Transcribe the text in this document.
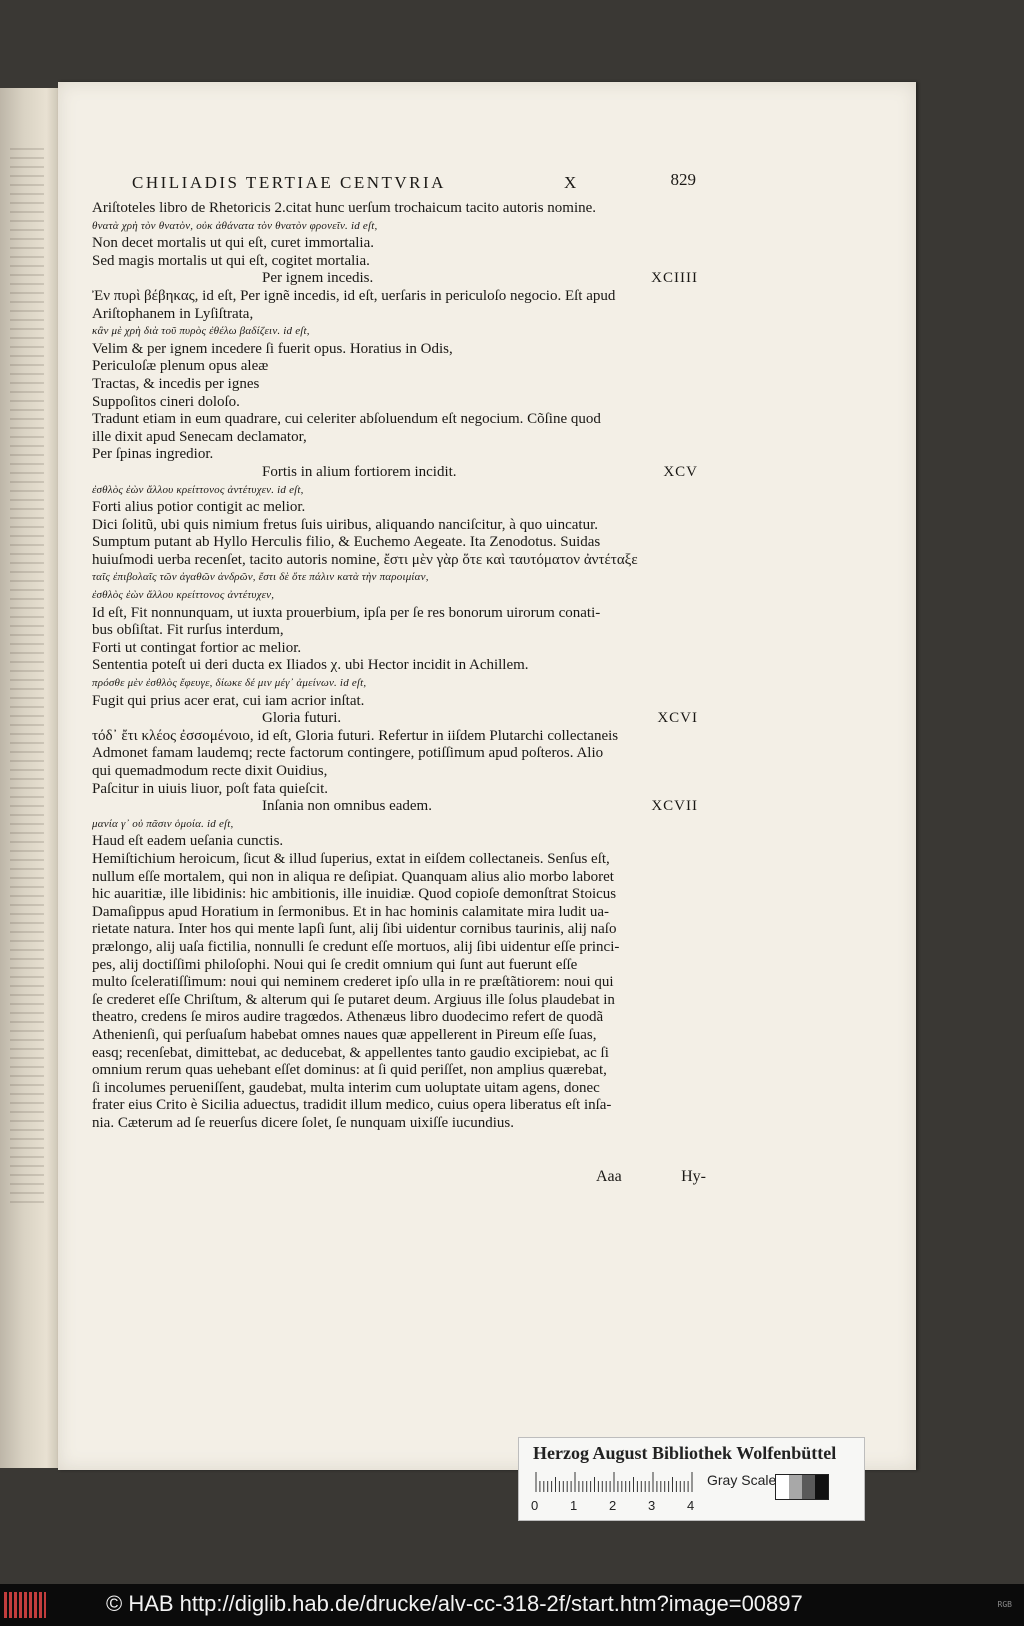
CHILIADIS TERTIAE CENTVRIA	X	829
Ariſtoteles libro de Rhetoricis 2.citat hunc uerſum trochaicum tacito autoris nomine.
θνατὰ χρὴ τὸν θνατὸν, οὐκ ἀθάνατα τὸν θνατὸν φρονεῖν. id eſt,
Non decet mortalis ut qui eſt, curet immortalia.
Sed magis mortalis ut qui eſt, cogitet mortalia.
Per ignem incedis.	XCIIII
Ἐν πυρὶ βέβηκας, id eſt, Per ignẽ incedis, id eſt, uerſaris in periculoſo negocio. Eſt apud
Ariſtophanem in Lyſiſtrata,
κἂν μὲ χρὴ διὰ τοῦ πυρὸς ἐθέλω βαδίζειν. id eſt,
Velim & per ignem incedere ſi fuerit opus. Horatius in Odis,
Periculoſæ plenum opus aleæ
Tractas, & incedis per ignes
Suppoſitos cineri doloſo.
Tradunt etiam in eum quadrare, cui celeriter abſoluendum eſt negocium. Cõſine quod
ille dixit apud Senecam declamator,
Per ſpinas ingredior.
Fortis in alium fortiorem incidit.	XCV
ἐσθλὸς ἐὼν ἄλλου κρείττονος ἀντέτυχεν. id eſt,
Forti alius potior contigit ac melior.
Dici ſolitũ, ubi quis nimium fretus ſuis uiribus, aliquando nanciſcitur, à quo uincatur.
Sumptum putant ab Hyllo Herculis filio, & Euchemo Aegeate. Ita Zenodotus. Suidas
huiuſmodi uerba recenſet, tacito autoris nomine, ἔστι μὲν γὰρ ὅτε καὶ ταυτόματον ἀντέταξε
ταῖς ἐπιβολαῖς τῶν ἀγαθῶν ἀνδρῶν, ἔστι δὲ ὅτε πάλιν κατὰ τὴν παροιμίαν,
ἐσθλὸς ἐὼν ἄλλου κρείττονος ἀντέτυχεν,
Id eſt, Fit nonnunquam, ut iuxta prouerbium, ipſa per ſe res bonorum uirorum conati-
bus obſiſtat. Fit rurſus interdum,
Forti ut contingat fortior ac melior.
Sententia poteſt ui deri ducta ex Iliados χ. ubi Hector incidit in Achillem.
πρόσθε μὲν ἐσθλὸς ἔφευγε, δίωκε δέ μιν μέγ᾽ ἀμείνων. id eſt,
Fugit qui prius acer erat, cui iam acrior inſtat.
Gloria futuri.	XCVI
τόδ᾽ ἔτι κλέος ἐσσομένοιο, id eſt, Gloria futuri. Refertur in iiſdem Plutarchi collectaneis
Admonet famam laudemq; recte factorum contingere, potiſſimum apud poſteros. Alio
qui quemadmodum recte dixit Ouidius,
Paſcitur in uiuis liuor, poſt fata quieſcit.
Inſania non omnibus eadem.	XCVII
μανία γ᾽ οὐ πᾶσιν ὁμοία. id eſt,
Haud eſt eadem ueſania cunctis.
Hemiſtichium heroicum, ſicut & illud ſuperius, extat in eiſdem collectaneis. Senſus eſt,
nullum eſſe mortalem, qui non in aliqua re deſipiat. Quanquam alius alio morbo laboret
hic auaritiæ, ille libidinis: hic ambitionis, ille inuidiæ. Quod copioſe demonſtrat Stoicus
Damaſippus apud Horatium in ſermonibus. Et in hac hominis calamitate mira ludit ua-
rietate natura. Inter hos qui mente lapſi ſunt, alij ſibi uidentur cornibus taurinis, alij naſo
prælongo, alij uaſa fictilia, nonnulli ſe credunt eſſe mortuos, alij ſibi uidentur eſſe princi-
pes, alij doctiſſimi philoſophi. Noui qui ſe credit omnium qui ſunt aut fuerunt eſſe
multo ſceleratiſſimum: noui qui neminem crederet ipſo ulla in re præſtãtiorem: noui qui
ſe crederet eſſe Chriſtum, & alterum qui ſe putaret deum. Argiuus ille ſolus plaudebat in
theatro, credens ſe miros audire tragœdos. Athenæus libro duodecimo refert de quodã
Athenienſi, qui perſuaſum habebat omnes naues quæ appellerent in Pireum eſſe ſuas,
easq; recenſebat, dimittebat, ac deducebat, & appellentes tanto gaudio excipiebat, ac ſi
omnium rerum quas uehebant eſſet dominus: at ſi quid periſſet, non amplius quærebat,
ſi incolumes perueniſſent, gaudebat, multa interim cum uoluptate uitam agens, donec
frater eius Crito è Sicilia aduectus, tradidit illum medico, cuius opera liberatus eſt inſa-
nia. Cæterum ad ſe reuerſus dicere ſolet, ſe nunquam uixiſſe iucundius.
Aaa	Hy-
Herzog August Bibliothek Wolfenbüttel
0 1 2 3 4
Gray Scale
© HAB http://diglib.hab.de/drucke/alv-cc-318-2f/start.htm?image=00897	RGB
